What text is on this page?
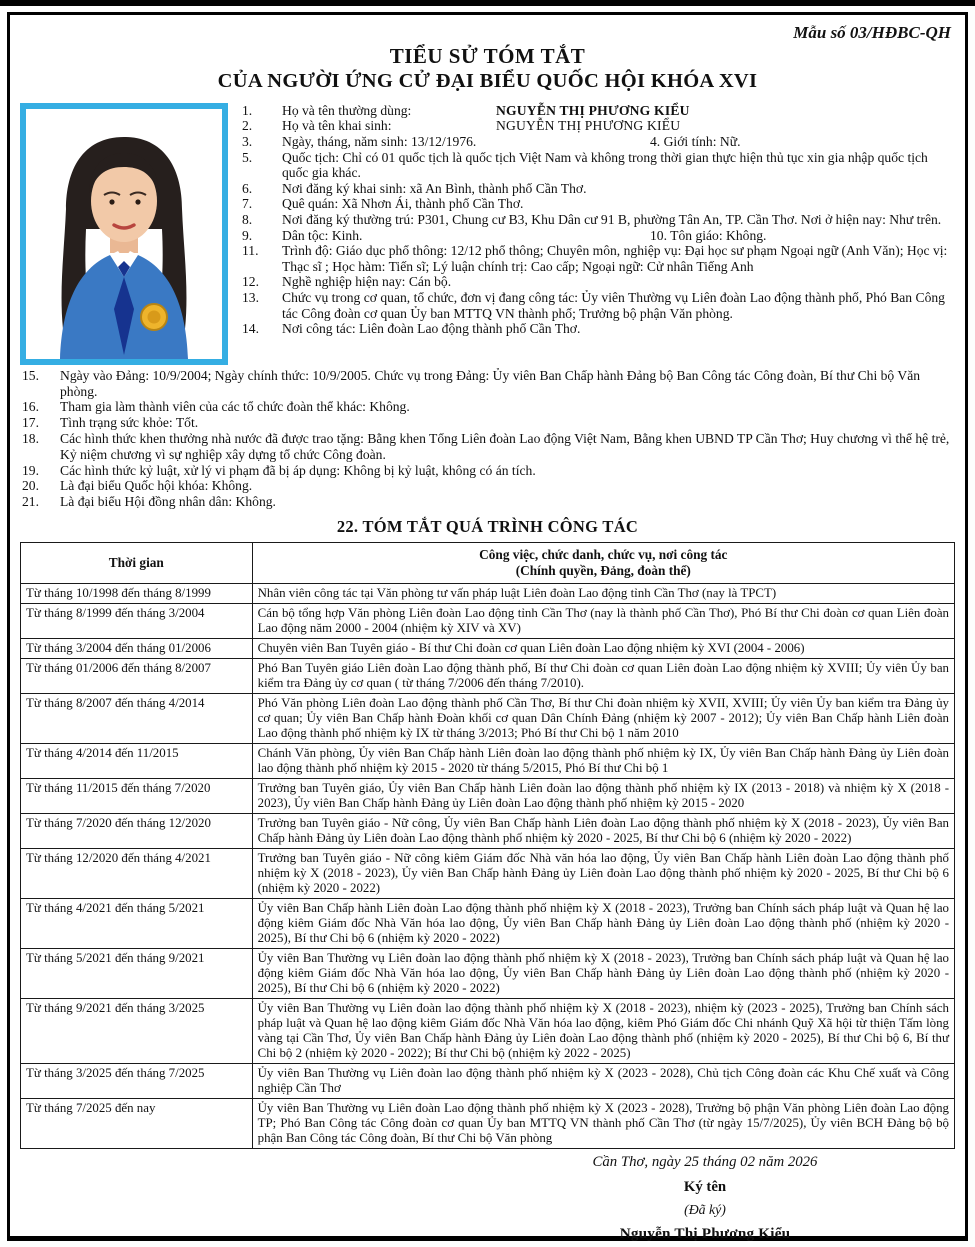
Mẫu số 03/HĐBC-QH
TIỂU SỬ TÓM TẮT
CỦA NGƯỜI ỨNG CỬ ĐẠI BIỂU QUỐC HỘI KHÓA XVI
1. Họ và tên thường dùng:	NGUYỄN THỊ PHƯƠNG KIỂU
2. Họ và tên khai sinh:	NGUYỄN THỊ PHƯƠNG KIỂU
3. Ngày, tháng, năm sinh: 13/12/1976.	4. Giới tính: Nữ.
5. Quốc tịch: Chỉ có 01 quốc tịch là quốc tịch Việt Nam và không trong thời gian thực hiện thủ tục xin gia nhập quốc tịch quốc gia khác.
6. Nơi đăng ký khai sinh: xã An Bình, thành phố Cần Thơ.
7. Quê quán: Xã Nhơn Ái, thành phố Cần Thơ.
8. Nơi đăng ký thường trú: P301, Chung cư B3, Khu Dân cư 91 B, phường Tân An, TP. Cần Thơ. Nơi ở hiện nay: Như trên.
9. Dân tộc: Kinh.	10. Tôn giáo: Không.
11. Trình độ: Giáo dục phổ thông: 12/12 phổ thông; Chuyên môn, nghiệp vụ: Đại học sư phạm Ngoại ngữ (Anh Văn); Học vị: Thạc sĩ ; Học hàm: Tiến sĩ; Lý luận chính trị: Cao cấp; Ngoại ngữ: Cử nhân Tiếng Anh
12. Nghề nghiệp hiện nay: Cán bộ.
13. Chức vụ trong cơ quan, tổ chức, đơn vị đang công tác: Ủy viên Thường vụ Liên đoàn Lao động thành phố, Phó Ban Công tác Công đoàn cơ quan Ủy ban MTTQ VN thành phố; Trưởng bộ phận Văn phòng.
14. Nơi công tác: Liên đoàn Lao động thành phố Cần Thơ.
15. Ngày vào Đảng: 10/9/2004; Ngày chính thức: 10/9/2005. Chức vụ trong Đảng: Ủy viên Ban Chấp hành Đảng bộ Ban Công tác Công đoàn, Bí thư Chi bộ Văn phòng.
16. Tham gia làm thành viên của các tổ chức đoàn thể khác: Không.
17. Tình trạng sức khỏe: Tốt.
18. Các hình thức khen thưởng nhà nước đã được trao tặng: Bằng khen Tổng Liên đoàn Lao động Việt Nam, Bằng khen UBND TP Cần Thơ; Huy chương vì thế hệ trẻ, Kỷ niệm chương vì sự nghiệp xây dựng tổ chức Công đoàn.
19. Các hình thức kỷ luật, xử lý vi phạm đã bị áp dụng: Không bị kỷ luật, không có án tích.
20. Là đại biểu Quốc hội khóa: Không.
21. Là đại biểu Hội đồng nhân dân: Không.
22. TÓM TẮT QUÁ TRÌNH CÔNG TÁC
Thời gian	Công việc, chức danh, chức vụ, nơi công tác
(Chính quyền, Đảng, đoàn thể)

Từ tháng 10/1998 đến tháng 8/1999	Nhân viên công tác tại Văn phòng tư vấn pháp luật Liên đoàn Lao động tỉnh Cần Thơ (nay là TPCT)
Từ tháng 8/1999 đến tháng 3/2004	Cán bộ tổng hợp Văn phòng Liên đoàn Lao động tỉnh Cần Thơ (nay là thành phố Cần Thơ), Phó Bí thư Chi đoàn cơ quan Liên đoàn Lao động năm 2000 - 2004 (nhiệm kỳ XIV và XV)
Từ tháng 3/2004 đến tháng 01/2006	Chuyên viên Ban Tuyên giáo - Bí thư Chi đoàn cơ quan Liên đoàn Lao động nhiệm kỳ XVI (2004 - 2006)
Từ tháng 01/2006 đến tháng 8/2007	Phó Ban Tuyên giáo Liên đoàn Lao động thành phố, Bí thư Chi đoàn cơ quan Liên đoàn Lao động nhiệm kỳ XVIII; Ủy viên Ủy ban kiểm tra Đảng ủy cơ quan ( từ tháng 7/2006 đến tháng 7/2010).
Từ tháng 8/2007 đến tháng 4/2014	Phó Văn phòng Liên đoàn Lao động thành phố Cần Thơ, Bí thư Chi đoàn nhiệm kỳ XVII, XVIII; Ủy viên Ủy ban kiểm tra Đảng ủy cơ quan; Ủy viên Ban Chấp hành Đoàn khối cơ quan Dân Chính Đảng (nhiệm kỳ 2007 - 2012); Ủy viên Ban Chấp hành Liên đoàn Lao động thành phố nhiệm kỳ IX từ tháng 3/2013; Phó Bí thư Chi bộ 1 năm 2010
Từ tháng 4/2014 đến 11/2015	Chánh Văn phòng, Ủy viên Ban Chấp hành Liên đoàn lao động thành phố nhiệm kỳ IX, Ủy viên Ban Chấp hành Đảng ủy Liên đoàn lao động thành phố nhiệm kỳ 2015 - 2020 từ tháng 5/2015, Phó Bí thư Chi bộ 1
Từ tháng 11/2015 đến tháng 7/2020	Trưởng ban Tuyên giáo, Ủy viên Ban Chấp hành Liên đoàn lao động thành phố nhiệm kỳ IX (2013 - 2018) và nhiệm kỳ X (2018 - 2023), Ủy viên Ban Chấp hành Đảng ủy Liên đoàn Lao động thành phố nhiệm kỳ 2015 - 2020
Từ tháng 7/2020 đến tháng 12/2020	Trưởng ban Tuyên giáo - Nữ công, Ủy viên Ban Chấp hành Liên đoàn Lao động thành phố nhiệm kỳ X (2018 - 2023), Ủy viên Ban Chấp hành Đảng ủy Liên đoàn Lao động thành phố nhiệm kỳ 2020 - 2025, Bí thư Chi bộ 6 (nhiệm kỳ 2020 - 2022)
Từ tháng 12/2020 đến tháng 4/2021	Trưởng ban Tuyên giáo - Nữ công kiêm Giám đốc Nhà văn hóa lao động, Ủy viên Ban Chấp hành Liên đoàn Lao động thành phố nhiệm kỳ X (2018 - 2023), Ủy viên Ban Chấp hành Đảng ủy Liên đoàn Lao động thành phố nhiệm kỳ 2020 - 2025, Bí thư Chi bộ 6 (nhiệm kỳ 2020 - 2022)
Từ tháng 4/2021 đến tháng 5/2021	Ủy viên Ban Chấp hành Liên đoàn Lao động thành phố nhiệm kỳ X (2018 - 2023), Trưởng ban Chính sách pháp luật và Quan hệ lao động kiêm Giám đốc Nhà Văn hóa lao động, Ủy viên Ban Chấp hành Đảng ủy Liên đoàn Lao động thành phố (nhiệm kỳ 2020 - 2025), Bí thư Chi bộ 6 (nhiệm kỳ 2020 - 2022)
Từ tháng 5/2021 đến tháng 9/2021	Ủy viên Ban Thường vụ Liên đoàn lao động thành phố nhiệm kỳ X (2018 - 2023), Trưởng ban Chính sách pháp luật và Quan hệ lao động kiêm Giám đốc Nhà Văn hóa lao động, Ủy viên Ban Chấp hành Đảng ủy Liên đoàn Lao động thành phố (nhiệm kỳ 2020 - 2025), Bí thư Chi bộ 6 (nhiệm kỳ 2020 - 2022)
Từ tháng 9/2021 đến tháng 3/2025	Ủy viên Ban Thường vụ Liên đoàn lao động thành phố nhiệm kỳ X (2018 - 2023), nhiệm kỳ (2023 - 2025), Trưởng ban Chính sách pháp luật và Quan hệ lao động kiêm Giám đốc Nhà Văn hóa lao động, kiêm Phó Giám đốc Chi nhánh Quỹ Xã hội từ thiện Tấm lòng vàng tại Cần Thơ, Ủy viên Ban Chấp hành Đảng ủy Liên đoàn Lao động thành phố (nhiệm kỳ 2020 - 2025), Bí thư Chi bộ 6, Bí thư Chi bộ 2 (nhiệm kỳ 2020 - 2022); Bí thư Chi bộ (nhiệm kỳ 2022 - 2025)
Từ tháng 3/2025 đến tháng 7/2025	Ủy viên Ban Thường vụ Liên đoàn lao động thành phố nhiệm kỳ X (2023 - 2028), Chủ tịch Công đoàn các Khu Chế xuất và Công nghiệp Cần Thơ
Từ tháng 7/2025 đến nay	Ủy viên Ban Thường vụ Liên đoàn Lao động thành phố nhiệm kỳ X (2023 - 2028), Trưởng bộ phận Văn phòng Liên đoàn Lao động TP; Phó Ban Công tác Công đoàn cơ quan Ủy ban MTTQ VN thành phố Cần Thơ (từ ngày 15/7/2025), Ủy viên BCH Đảng bộ bộ phận Ban Công tác Công đoàn, Bí thư Chi bộ Văn phòng
Cần Thơ, ngày 25 tháng 02 năm 2026
Ký tên
(Đã ký)
Nguyễn Thị Phương Kiểu
